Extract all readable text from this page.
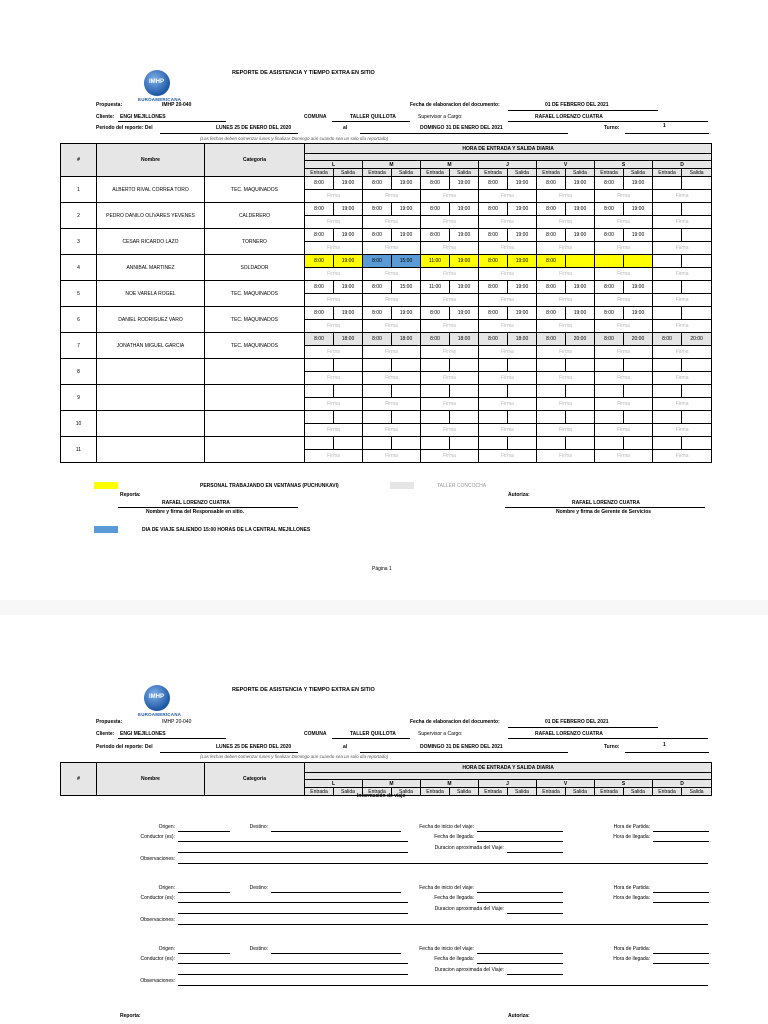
IMHP
EUROAMERICANA
REPORTE DE ASISTENCIA Y TIEMPO EXTRA EN SITIO
Propuesta:	IMHP 20-040	Fecha de elaboracion del documento:	01 DE FEBRERO DEL 2021
Cliente: ENGI MEJILLONES	COMUNA	TALLER QUILLOTA	Supervisor a Cargo:	RAFAEL LORENZO CUATRA
Periodo del reporte: Del	LUNES 25 DE ENERO DEL 2020	al	DOMINGO 31 DE ENERO DEL 2021	Turno:	1
(Las fechas deben comenzar lunes y finalizar Domingo aún cuando sea un solo día reportado)
#	Nombre	Categoria	HORA DE ENTRADA Y SALIDA DIARIA													

			L		M		M		J		V		S		D	
			Entrada	Salida	Entrada	Salida	Entrada	Salida	Entrada	Salida	Entrada	Salida	Entrada	Salida	Entrada	Salida
1	ALBERTO RIVAL CORREA TORO	TEC. MAQUINADOS	8:00	19:00	8:00	19:00	8:00	19:00	8:00	19:00	8:00	19:00	8:00	19:00		
			Firma		Firma		Firma		Firma		Firma		Firma		Firma	
2	PEDRO DANILO OLIVARES YEVENES	CALDERERO	8:00	19:00	8:00	19:00	8:00	19:00	8:00	19:00	8:00	19:00	8:00	19:00		
			Firma		Firma		Firma		Firma		Firma		Firma		Firma	
3	CESAR RICARDO LAZO	TORNERO	8:00	19:00	8:00	19:00	8:00	19:00	8:00	19:00	8:00	19:00	8:00	19:00		
			Firma		Firma		Firma		Firma		Firma		Firma		Firma	
4	ANNIBAL MARTINEZ	SOLDADOR	8:00	19:00	8:00	15:00	11:00	19:00	8:00	19:00	8:00					
			Firma		Firma		Firma		Firma		Firma		Firma		Firma	
5	NOE VARELA ROGEL	TEC. MAQUINADOS	8:00	19:00	8:00	15:00	11:00	19:00	8:00	19:00	8:00	19:00	8:00	19:00		
			Firma		Firma		Firma		Firma		Firma		Firma		Firma	
6	DANIEL RODRIGUEZ VARO	TEC. MAQUINADOS	8:00	19:00	8:00	19:00	8:00	19:00	8:00	19:00	8:00	19:00	8:00	19:00		
			Firma		Firma		Firma		Firma		Firma		Firma		Firma	
7	JONATHAN MIGUEL GARCIA	TEC. MAQUINADOS	8:00	18:00	8:00	18:00	8:00	18:00	8:00	18:00	8:00	20:00	8:00	20:00	8:00	20:00
			Firma		Firma		Firma		Firma		Firma		Firma		Firma	
8																
			Firma		Firma		Firma		Firma		Firma		Firma		Firma	
9																
			Firma		Firma		Firma		Firma		Firma		Firma		Firma	
10																
			Firma		Firma		Firma		Firma		Firma		Firma		Firma	
11																
			Firma		Firma		Firma		Firma		Firma		Firma		Firma	
PERSONAL TRABAJANDO EN VENTANAS (PUCHUNKAVI)	TALLER CONCOCHA
Reporta:	Autoriza:
RAFAEL LORENZO CUATRA	RAFAEL LORENZO CUATRA
Nombre y firma del Responsable en sitio.	Nombre y firma de Gerente de Servicios
DIA DE VIAJE SALIENDO 15:00 HORAS DE LA CENTRAL MEJILLONES
Página 1
IMHP
EUROAMERICANA
REPORTE DE ASISTENCIA Y TIEMPO EXTRA EN SITIO
Propuesta:	IMHP 20-040	Fecha de elaboracion del documento:	01 DE FEBRERO DEL 2021
Cliente: ENGI MEJILLONES	COMUNA	TALLER QUILLOTA	Supervisor a Cargo:	RAFAEL LORENZO CUATRA
Periodo del reporte: Del	LUNES 25 DE ENERO DEL 2020	al	DOMINGO 31 DE ENERO DEL 2021	Turno:	1
(Las fechas deben comenzar lunes y finalizar Domingo aún cuando sea un solo día reportado)
#	Nombre	Categoria	HORA DE ENTRADA Y SALIDA DIARIA													

			L		M		M		J		V		S		D	
			Entrada	Salida	Entrada	Salida	Entrada	Salida	Entrada	Salida	Entrada	Salida	Entrada	Salida	Entrada	Salida
Información de viaje
Origen:	Destino:
Conductor (es):
Observaciones:
Fecha de inicio del viaje:
Fecha de llegada:
Duracion aproximada del Viaje:
Hora de Partida:
Hora de llegada:
Origen:	Destino:
Conductor (es):
Observaciones:
Fecha de inicio del viaje:
Fecha de llegada:
Duracion aproximada del Viaje:
Hora de Partida:
Hora de llegada:
Origen:	Destino:
Conductor (es):
Observaciones:
Fecha de inicio del viaje:
Fecha de llegada:
Duracion aproximada del Viaje:
Hora de Partida:
Hora de llegada:
Reporta:	Autoriza:
